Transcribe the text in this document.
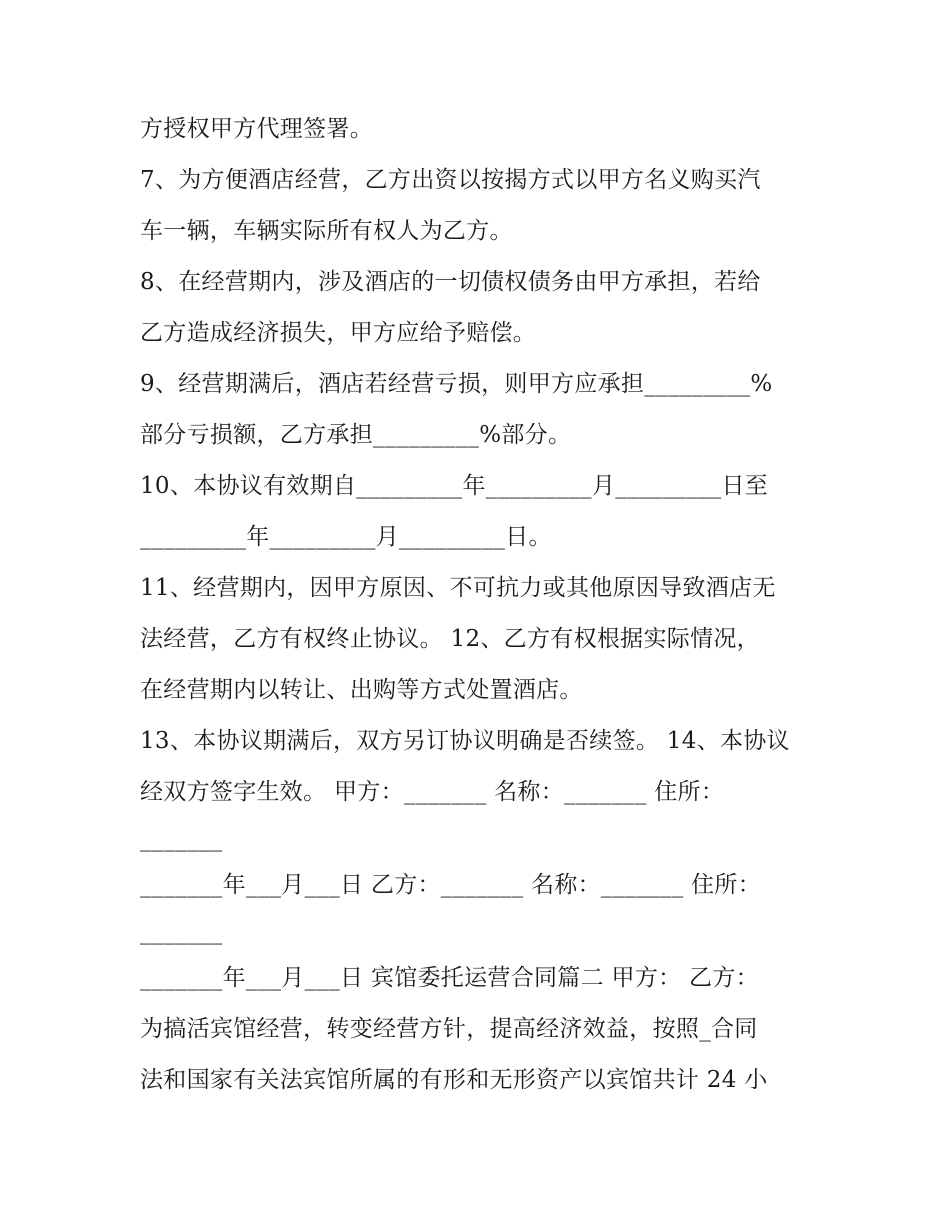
方授权甲方代理签署。
7、为方便酒店经营，乙方出资以按揭方式以甲方名义购买汽
车一辆，车辆实际所有权人为乙方。
8、在经营期内，涉及酒店的一切债权债务由甲方承担，若给
乙方造成经济损失，甲方应给予赔偿。
9、经营期满后，酒店若经营亏损，则甲方应承担_________%
部分亏损额，乙方承担_________%部分。
10、本协议有效期自_________年_________月_________日至
_________年_________月_________日。
11、经营期内，因甲方原因、不可抗力或其他原因导致酒店无
法经营，乙方有权终止协议。 12、乙方有权根据实际情况，
在经营期内以转让、出购等方式处置酒店。
13、本协议期满后，双方另订协议明确是否续签。 14、本协议
经双方签字生效。 甲方：_______ 名称：_______ 住所：
_______
_______年___月___日 乙方：_______ 名称：_______ 住所：
_______
_______年___月___日 宾馆委托运营合同篇二 甲方： 乙方：
为搞活宾馆经营，转变经营方针，提高经济效益，按照_合同
法和国家有关法宾馆所属的有形和无形资产以宾馆共计 24 小
